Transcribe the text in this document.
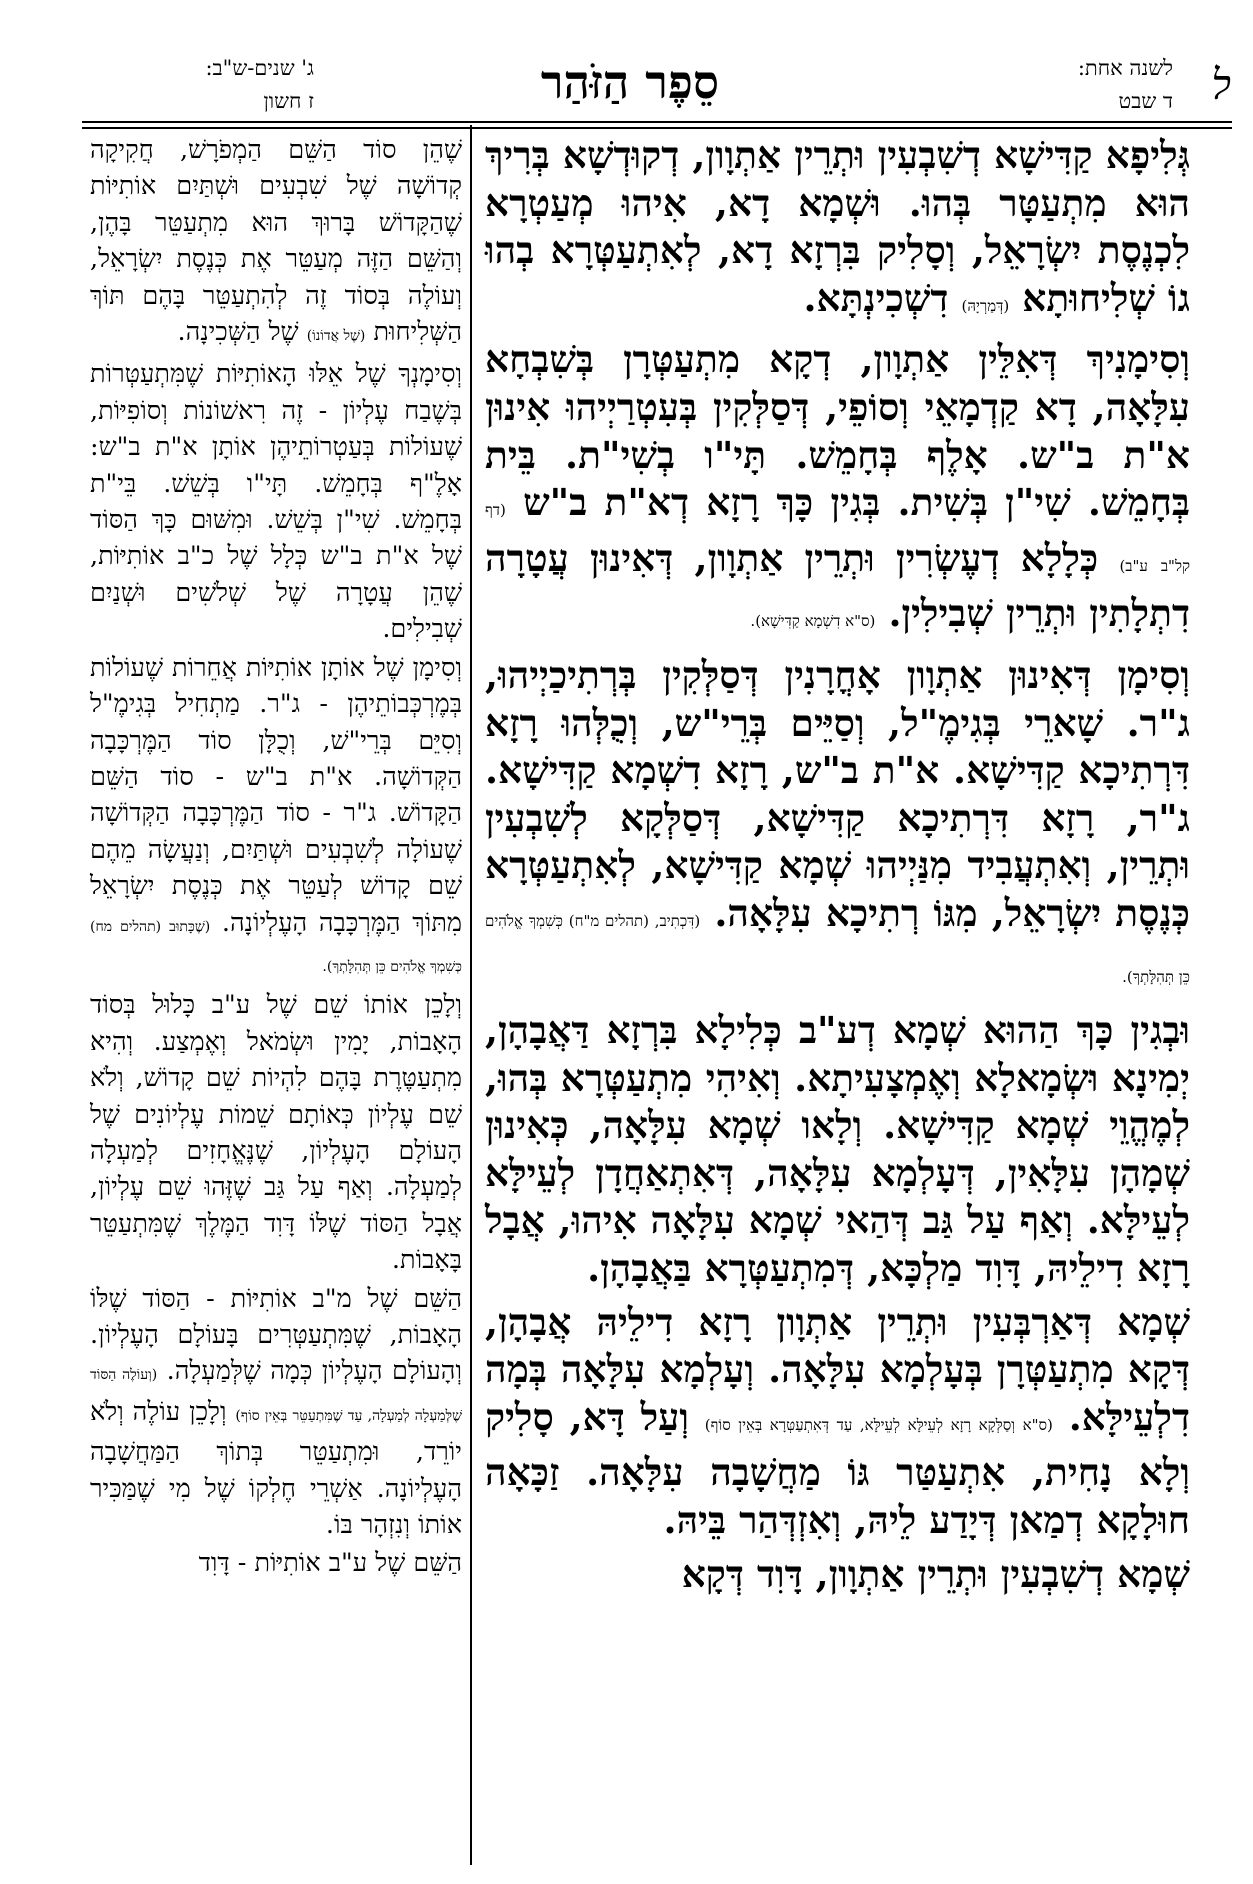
ל
לשנה אחת:
ד שבט
סֵפֶר הַזֹּהַר
ג' שנים-ש"ב:
ז חשון

גְּלִיפָא קַדִּישָׁא דְשִׁבְעִין וּתְרֵין אַתְוָון, דְקוּדְשָׁא בְּרִיךְ הוּא מִתְעַטָּר בְּהוּ. וּשְׁמָא דָא, אִיהוּ מְעַטְרָא לִכְנֶסֶת יִשְׂרָאֵל, וְסָלִיק בִּרְזָא דָא, לְאִתְעַטְּרָא בְהוּ גוֹ שְׁלִיחוּתָא (דְּמַרְיָהּ) דִשְׁכִינְתָּא.

וְסִימָנִיךְ דְּאִלֵּין אַתְוָון, דְקָא מִתְעַטְּרָן בְּשִׁבְחָא עִלָּאָה, דָא קַדְמָאֵי וְסוֹפֵי, דְּסַלְּקִין בְּעִטְרַיְיהוּ אִינוּן א"ת ב"ש. אָלֶף בְּחָמֵשׁ. תָּי"ו בְשִׁי"ת. בֵּית בְּחָמֵשׁ. שִׁי"ן בְּשִׁית. בְּגִין כָּךְ רָזָא דְא"ת ב"ש (דף קל"ב ע"ב) כְּלָלָא דְעֶשְׂרִין וּתְרֵין אַתְוָון, דְּאִינוּן עֲטָרָה דִתְלָתִין וּתְרֵין שְׁבִילִין. (ס"א דִשְׁמָא קַדִּישָׁא).

וְסִימָן דְּאִינוּן אַתְוָון אָחֳרָנִין דְּסַלְּקִין בְּרְתִיכַיְיהוּ, ג"ר. שָׁארֵי בְּגִימֶ"ל, וְסַיֵּים בְּרֵי"ש, וְכֻלְּהוּ רָזָא דִּרְתִיכָא קַדִּישָׁא. א"ת ב"ש, רָזָא דִשְׁמָא קַדִּישָׁא. ג"ר, רָזָא דִּרְתִיכָא קַדִּישָׁא, דְּסַלְּקָא לְשִׁבְעִין וּתְרֵין, וְאִתְעֲבִיד מִנַּיְיהוּ שְׁמָא קַדִּישָׁא, לְאִתְעַטְּרָא כְּנֶסֶת יִשְׂרָאֵל, מִגּוֹ רְתִיכָא עִלָּאָה. (דִּכְתִיב, (תהלים מ"ח) כְּשִׁמְךָ אֱלֹהִים כֵּן תְּהִלָּתְךָ).

וּבְגִין כָּךְ הַהוּא שְׁמָא דְע"ב כְּלִילָא בִּרְזָא דַּאֲבָהָן, יְמִינָא וּשְׂמָאלָא וְאֶמְצָעִיתָא. וְאִיהִי מִתְעַטְּרָא בְּהוּ, לְמֶהֱוֵי שְׁמָא קַדִּישָׁא. וְלָאו שְׁמָא עִלָּאָה, כְּאִינוּן שְׁמָהָן עִלָּאִין, דְּעָלְמָא עִלָּאָה, דְּאִתְאַחֲדָן לְעֵילָּא לְעֵילָּא. וְאַף עַל גַּב דְּהַאי שְׁמָא עִלָּאָה אִיהוּ, אֲבָל רָזָא דִילֵיהּ, דָּוִד מַלְכָּא, דְּמִתְעַטְּרָא בַּאֲבָהָן.

שְׁמָא דְּאַרְבְּעִין וּתְרֵין אַתְוָון רָזָא דִילֵיהּ אֲבָהָן, דְּקָא מִתְעַטְּרָן בְּעָלְמָא עִלָּאָה. וְעָלְמָא עִלָּאָה בְּמָה דִלְעֵילָּא. (ס"א וְסַלְּקָא רָזָא לְעֵילָּא לְעֵילָּא, עַד דְּאִתְעַטְּרָא בְּאֵין סוֹף) וְעַל דָּא, סָלִיק וְלָא נָחִית, אִתְעַטַּר גּוֹ מַחֲשָׁבָה עִלָּאָה. זַכָּאָה חוּלָקָא דְמַאן דְּיָדַע לֵיהּ, וְאִזְדְּהַר בֵּיהּ.

שְׁמָא דְשִׁבְעִין וּתְרֵין אַתְוָון, דָּוִד דְּקָא

שֶׁהֵן סוֹד הַשֵּׁם הַמְפֹרָשׁ, חֲקִיקָה קְדוֹשָׁה שֶׁל שִׁבְעִים וּשְׁתַּיִם אוֹתִיּוֹת שֶׁהַקָּדוֹשׁ בָּרוּךְ הוּא מִתְעַטֵּר בָּהֶן, וְהַשֵּׁם הַזֶּה מְעַטֵּר אֶת כְּנֶסֶת יִשְׂרָאֵל, וְעוֹלֶה בְּסוֹד זֶה לְהִתְעַטֵּר בָּהֶם תּוֹךְ הַשְּׁלִיחוּת (שֶׁל אֲדוֹנוֹ) שֶׁל הַשְּׁכִינָה.

וְסִימָנְךָ שֶׁל אֵלּוּ הָאוֹתִיּוֹת שֶׁמִּתְעַטְּרוֹת בְּשֶׁבַח עֶלְיוֹן - זֶה רִאשׁוֹנוֹת וְסוֹפִיּוֹת, שֶׁעוֹלוֹת בְּעַטְרוֹתֵיהֶן אוֹתָן א"ת ב"ש: אָלֶ"ף בְּחָמֵשׁ. תָּי"ו בְּשֵׁשׁ. בֵּי"ת בְּחָמֵשׁ. שִׁי"ן בְּשֵׁשׁ. וּמִשּׁוּם כָּךְ הַסּוֹד שֶׁל א"ת ב"ש כְּלָל שֶׁל כ"ב אוֹתִיּוֹת, שֶׁהֵן עֲטָרָה שֶׁל שְׁלֹשִׁים וּשְׁנַיִם שְׁבִילִים.

וְסִימָן שֶׁל אוֹתָן אוֹתִיּוֹת אֲחֵרוֹת שֶׁעוֹלוֹת בְּמֶרְכְּבוֹתֵיהֶן - ג"ר. מַתְחִיל בְּגִימֶ"ל וְסִיֵּם בְּרֵי"שׁ, וְכֻלָּן סוֹד הַמֶּרְכָּבָה הַקְּדוֹשָׁה. א"ת ב"ש - סוֹד הַשֵּׁם הַקָּדוֹשׁ. ג"ר - סוֹד הַמֶּרְכָּבָה הַקְּדוֹשָׁה שֶׁעוֹלָה לְשִׁבְעִים וּשְׁתַּיִם, וְנַעֲשָׂה מֵהֶם שֵׁם קָדוֹשׁ לְעַטֵּר אֶת כְּנֶסֶת יִשְׂרָאֵל מִתּוֹךְ הַמֶּרְכָּבָה הָעֶלְיוֹנָה. (שֶׁכָּתוּב (תהלים מח) כְּשִׁמְךָ אֱלֹהִים כֵּן תְּהִלָּתְךָ).

וְלָכֵן אוֹתוֹ שֵׁם שֶׁל ע"ב כָּלוּל בְּסוֹד הָאָבוֹת, יָמִין וּשְׂמֹאל וְאֶמְצַע. וְהִיא מִתְעַטֶּרֶת בָּהֶם לִהְיוֹת שֵׁם קָדוֹשׁ, וְלֹא שֵׁם עֶלְיוֹן כְּאוֹתָם שֵׁמוֹת עֶלְיוֹנִים שֶׁל הָעוֹלָם הָעֶלְיוֹן, שֶׁנֶּאֱחָזִים לְמַעְלָה לְמַעְלָה. וְאַף עַל גַּב שֶׁזֶּהוּ שֵׁם עֶלְיוֹן, אֲבָל הַסּוֹד שֶׁלּוֹ דָּוִד הַמֶּלֶךְ שֶׁמִּתְעַטֵּר בָּאָבוֹת.

הַשֵּׁם שֶׁל מ"ב אוֹתִיּוֹת - הַסּוֹד שֶׁלּוֹ הָאָבוֹת, שֶׁמִּתְעַטְּרִים בָּעוֹלָם הָעֶלְיוֹן. וְהָעוֹלָם הָעֶלְיוֹן כְּמָה שֶׁלְּמַעְלָה. (וְעוֹלֶה הַסּוֹד שֶׁלְּמַעְלָה לְמַעְלָה, עַד שֶׁמִּתְעַטֵּר בְּאֵין סוֹף) וְלָכֵן עוֹלֶה וְלֹא יוֹרֵד, וּמִתְעַטֵּר בְּתוֹךְ הַמַּחֲשָׁבָה הָעֶלְיוֹנָה. אַשְׁרֵי חֶלְקוֹ שֶׁל מִי שֶׁמַּכִּיר אוֹתוֹ וְנִזְהָר בּוֹ.

הַשֵּׁם שֶׁל ע"ב אוֹתִיּוֹת - דָּוִד
